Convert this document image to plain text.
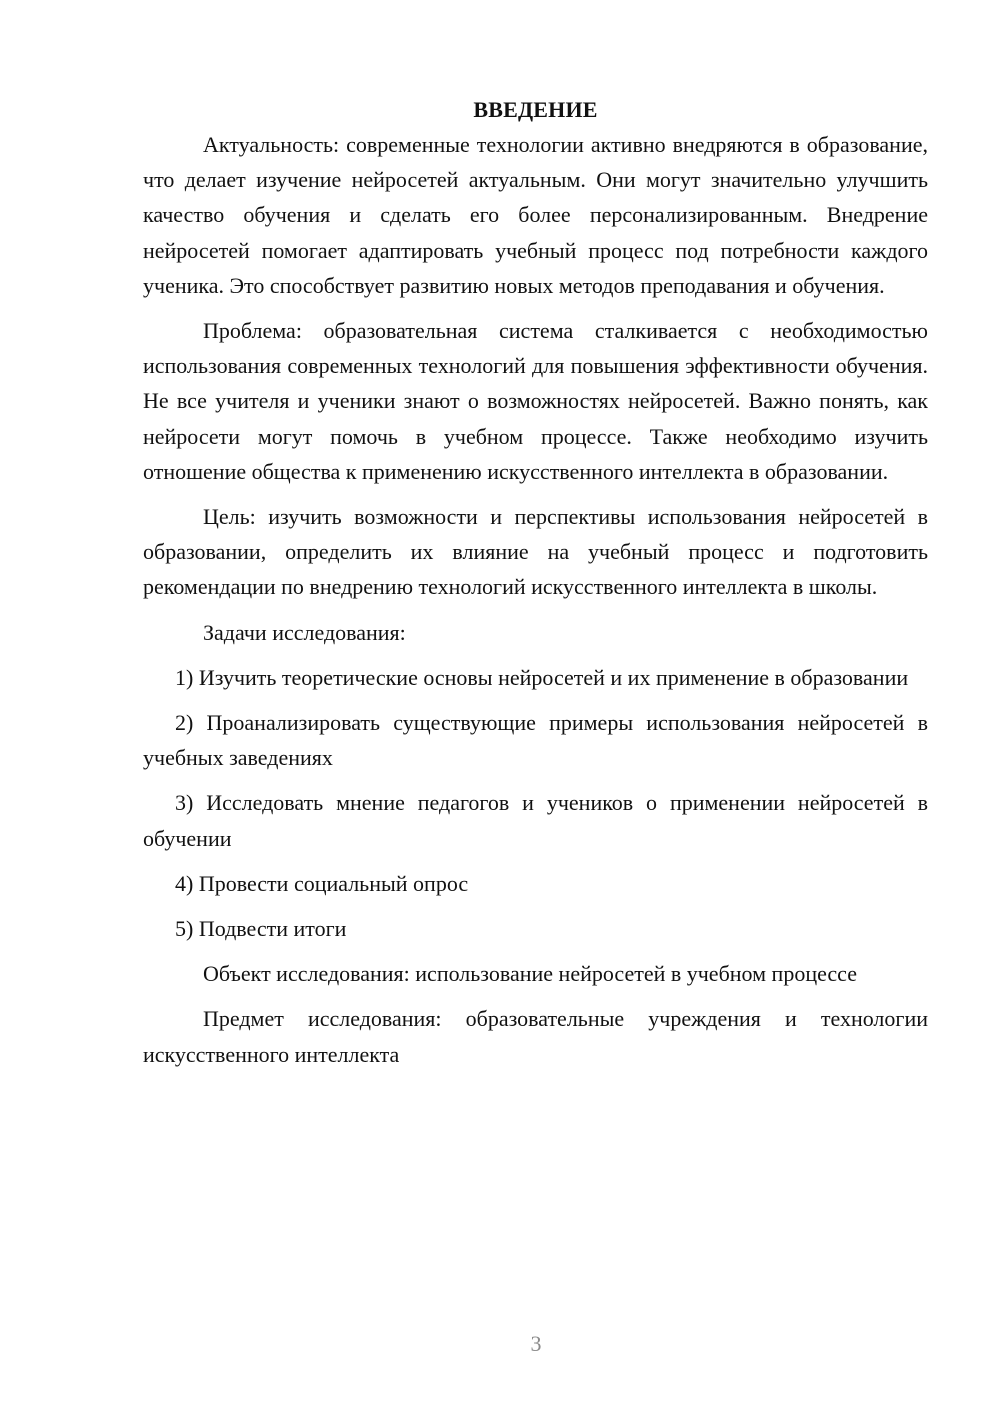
ВВЕДЕНИЕ

Актуальность: современные технологии активно внедряются в образование, что делает изучение нейросетей актуальным. Они могут значительно улучшить качество обучения и сделать его более персонализированным. Внедрение нейросетей помогает адаптировать учебный процесс под потребности каждого ученика. Это способствует развитию новых методов преподавания и обучения.

Проблема: образовательная система сталкивается с необходимостью использования современных технологий для повышения эффективности обучения. Не все учителя и ученики знают о возможностях нейросетей. Важно понять, как нейросети могут помочь в учебном процессе. Также необходимо изучить отношение общества к применению искусственного интеллекта в образовании.

Цель: изучить возможности и перспективы использования нейросетей в образовании, определить их влияние на учебный процесс и подготовить рекомендации по внедрению технологий искусственного интеллекта в школы.

Задачи исследования:

1) Изучить теоретические основы нейросетей и их применение в образовании

2) Проанализировать существующие примеры использования нейросетей в учебных заведениях

3) Исследовать мнение педагогов и учеников о применении нейросетей в обучении

4) Провести социальный опрос

5) Подвести итоги

Объект исследования: использование нейросетей в учебном процессе

Предмет исследования: образовательные учреждения и технологии искусственного интеллекта

3
